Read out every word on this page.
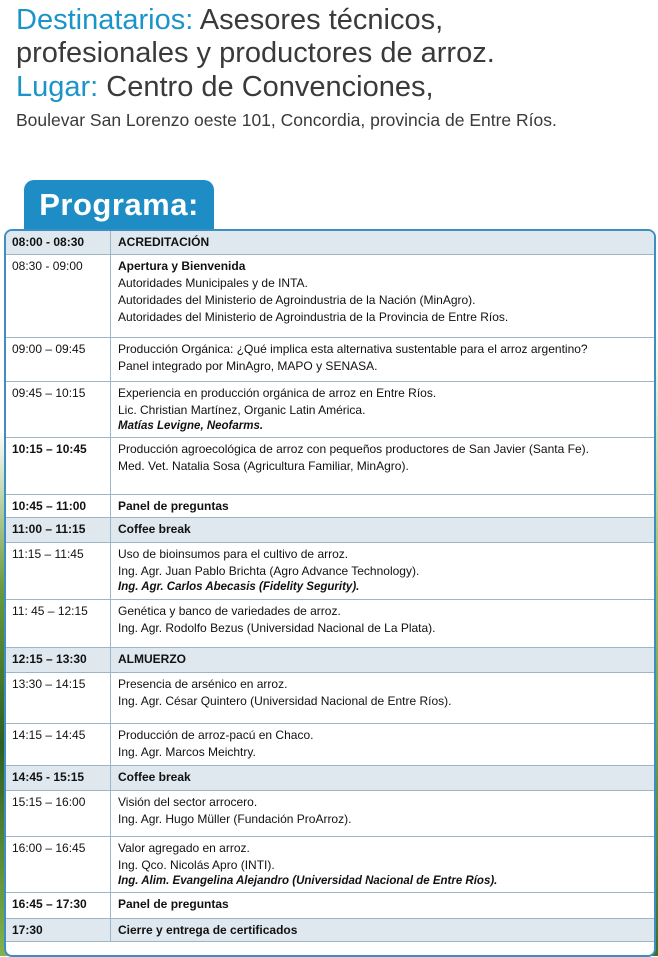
Destinatarios: Asesores técnicos,

profesionales y productores de arroz.

Lugar: Centro de Convenciones,

Boulevar San Lorenzo oeste 101, Concordia, provincia de Entre Ríos.

Programa:
08:00 - 08:30	ACREDITACIÓN

08:30 - 09:00	Apertura y Bienvenida

Autoridades Municipales y de INTA.

Autoridades del Ministerio de Agroindustria de la Nación (MinAgro).

Autoridades del Ministerio de Agroindustria de la Provincia de Entre Ríos.

09:00 – 09:45	Producción Orgánica: ¿Qué implica esta alternativa sustentable para el arroz argentino?

Panel integrado por MinAgro, MAPO y SENASA.

09:45 – 10:15	Experiencia en producción orgánica de arroz en Entre Ríos.

Lic. Christian Martínez, Organic Latin América.

Matías Levigne, Neofarms.

10:15 – 10:45	Producción agroecológica de arroz con pequeños productores de San Javier (Santa Fe).

Med. Vet. Natalia Sosa (Agricultura Familiar, MinAgro).

10:45 – 11:00	Panel de preguntas

11:00 – 11:15	Coffee break

11:15 – 11:45	Uso de bioinsumos para el cultivo de arroz.

Ing. Agr. Juan Pablo Brichta (Agro Advance Technology).

Ing. Agr. Carlos Abecasis (Fidelity Segurity).

11: 45 – 12:15	Genética y banco de variedades de arroz.

Ing. Agr. Rodolfo Bezus (Universidad Nacional de La Plata).

12:15 – 13:30	ALMUERZO

13:30 – 14:15	Presencia de arsénico en arroz.

Ing. Agr. César Quintero (Universidad Nacional de Entre Ríos).

14:15 – 14:45	Producción de arroz-pacú en Chaco.

Ing. Agr. Marcos Meichtry.

14:45 - 15:15	Coffee break

15:15 – 16:00	Visión del sector arrocero.

Ing. Agr. Hugo Müller (Fundación ProArroz).

16:00 – 16:45	Valor agregado en arroz.

Ing. Qco. Nicolás Apro (INTI).

Ing. Alim. Evangelina Alejandro (Universidad Nacional de Entre Ríos).

16:45 – 17:30	Panel de preguntas

17:30	Cierre y entrega de certificados
